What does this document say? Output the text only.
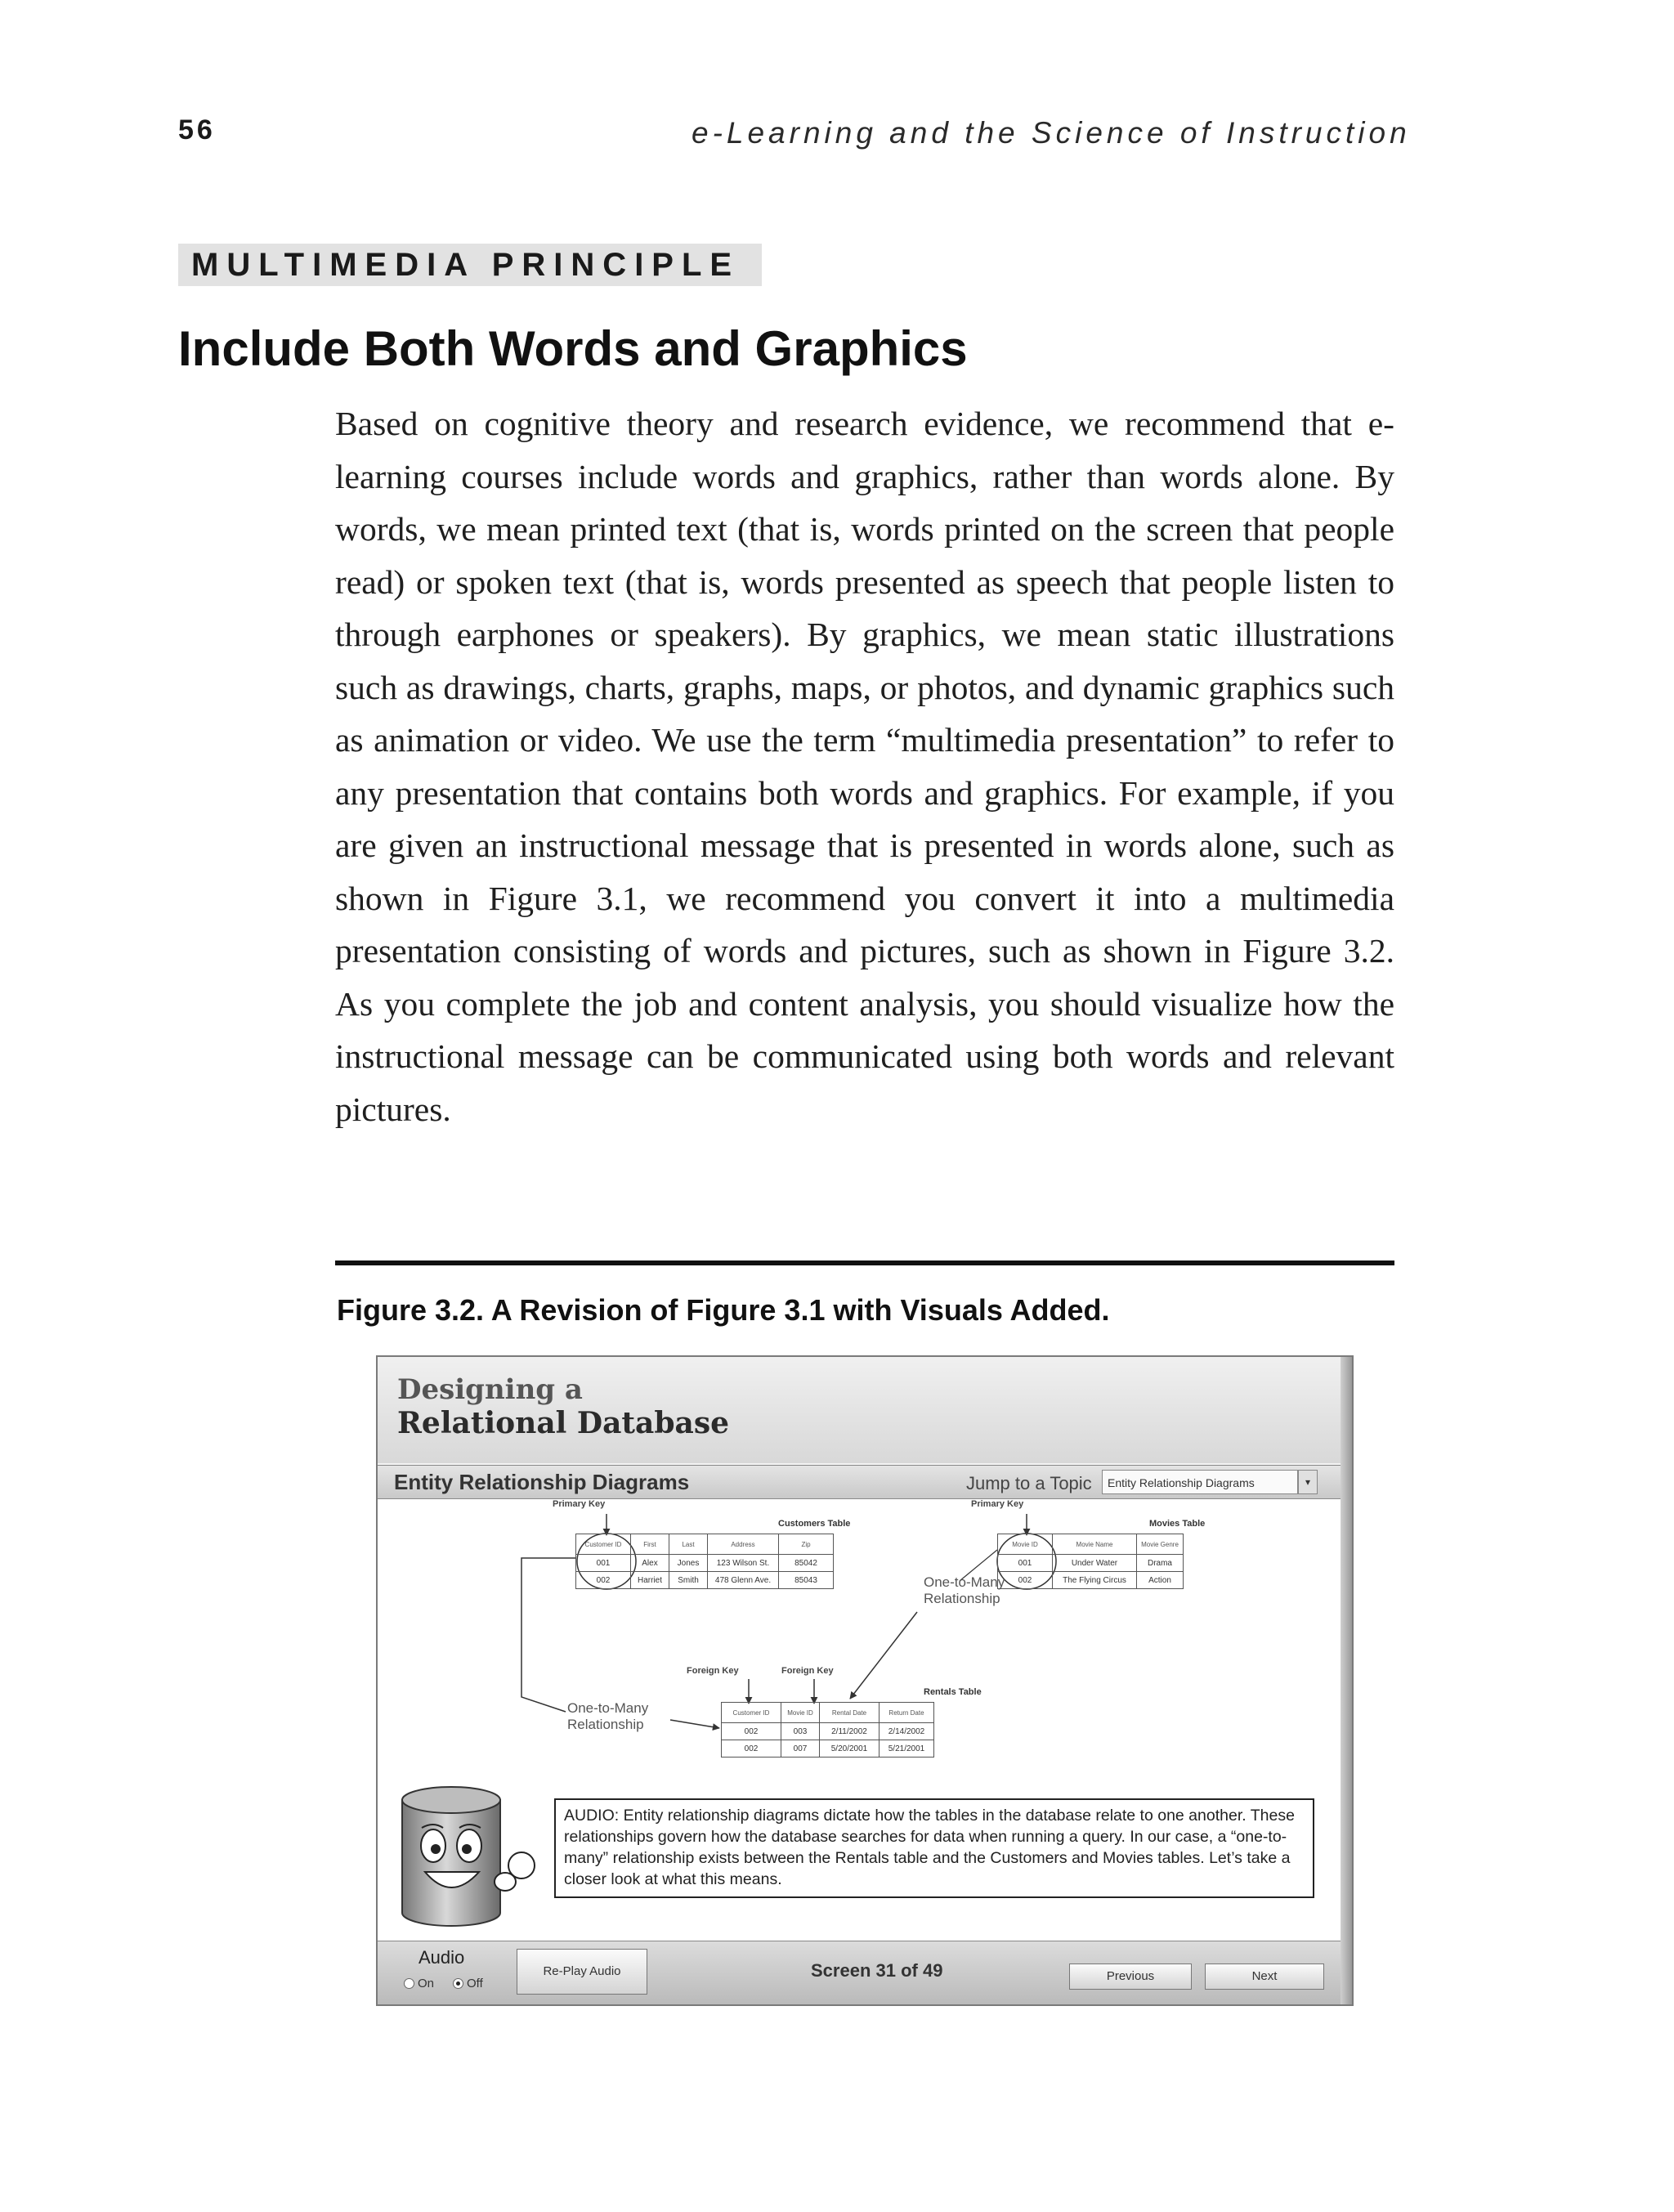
56	e-Learning and the Science of Instruction
MULTIMEDIA PRINCIPLE
Include Both Words and Graphics
Based on cognitive theory and research evidence, we recommend that e-learning courses include words and graphics, rather than words alone. By words, we mean printed text (that is, words printed on the screen that people read) or spoken text (that is, words presented as speech that people listen to through earphones or speakers). By graphics, we mean static illustrations such as drawings, charts, graphs, maps, or photos, and dynamic graphics such as animation or video. We use the term “multimedia presentation” to refer to any presentation that contains both words and graphics. For example, if you are given an instructional message that is presented in words alone, such as shown in Figure 3.1, we recommend you convert it into a multimedia presentation consisting of words and pictures, such as shown in Figure 3.2. As you complete the job and content analysis, you should visualize how the instructional message can be communicated using both words and relevant pictures.
Figure 3.2. A Revision of Figure 3.1 with Visuals Added.
Designing a
Relational Database
Entity Relationship Diagrams	Jump to a Topic	Entity Relationship Diagrams	▾
Primary Key	Primary Key
Customers Table
Customer ID	First	Last	Address	Zip
001	Alex	Jones	123 Wilson St.	85042
002	Harriet	Smith	478 Glenn Ave.	85043	One-to-Many
Relationship
Movies Table
Movie ID	Movie Name	Movie Genre
001	Under Water	Drama
002	The Flying Circus	Action
Foreign Key	Foreign Key
One-to-Many
Relationship
Rentals Table
Customer ID	Movie ID	Rental Date	Return Date
002	003	2/11/2002	2/14/2002
002	007	5/20/2001	5/21/2001
AUDIO: Entity relationship diagrams dictate how the tables in the database relate to one another. These relationships govern how the database searches for data when running a query. In our case, a “one-to-many” relationship exists between the Rentals table and the Customers and Movies tables. Let’s take a closer look at what this means.
Audio
On	Off
Re-Play Audio	Screen 31 of 49	Previous	Next
